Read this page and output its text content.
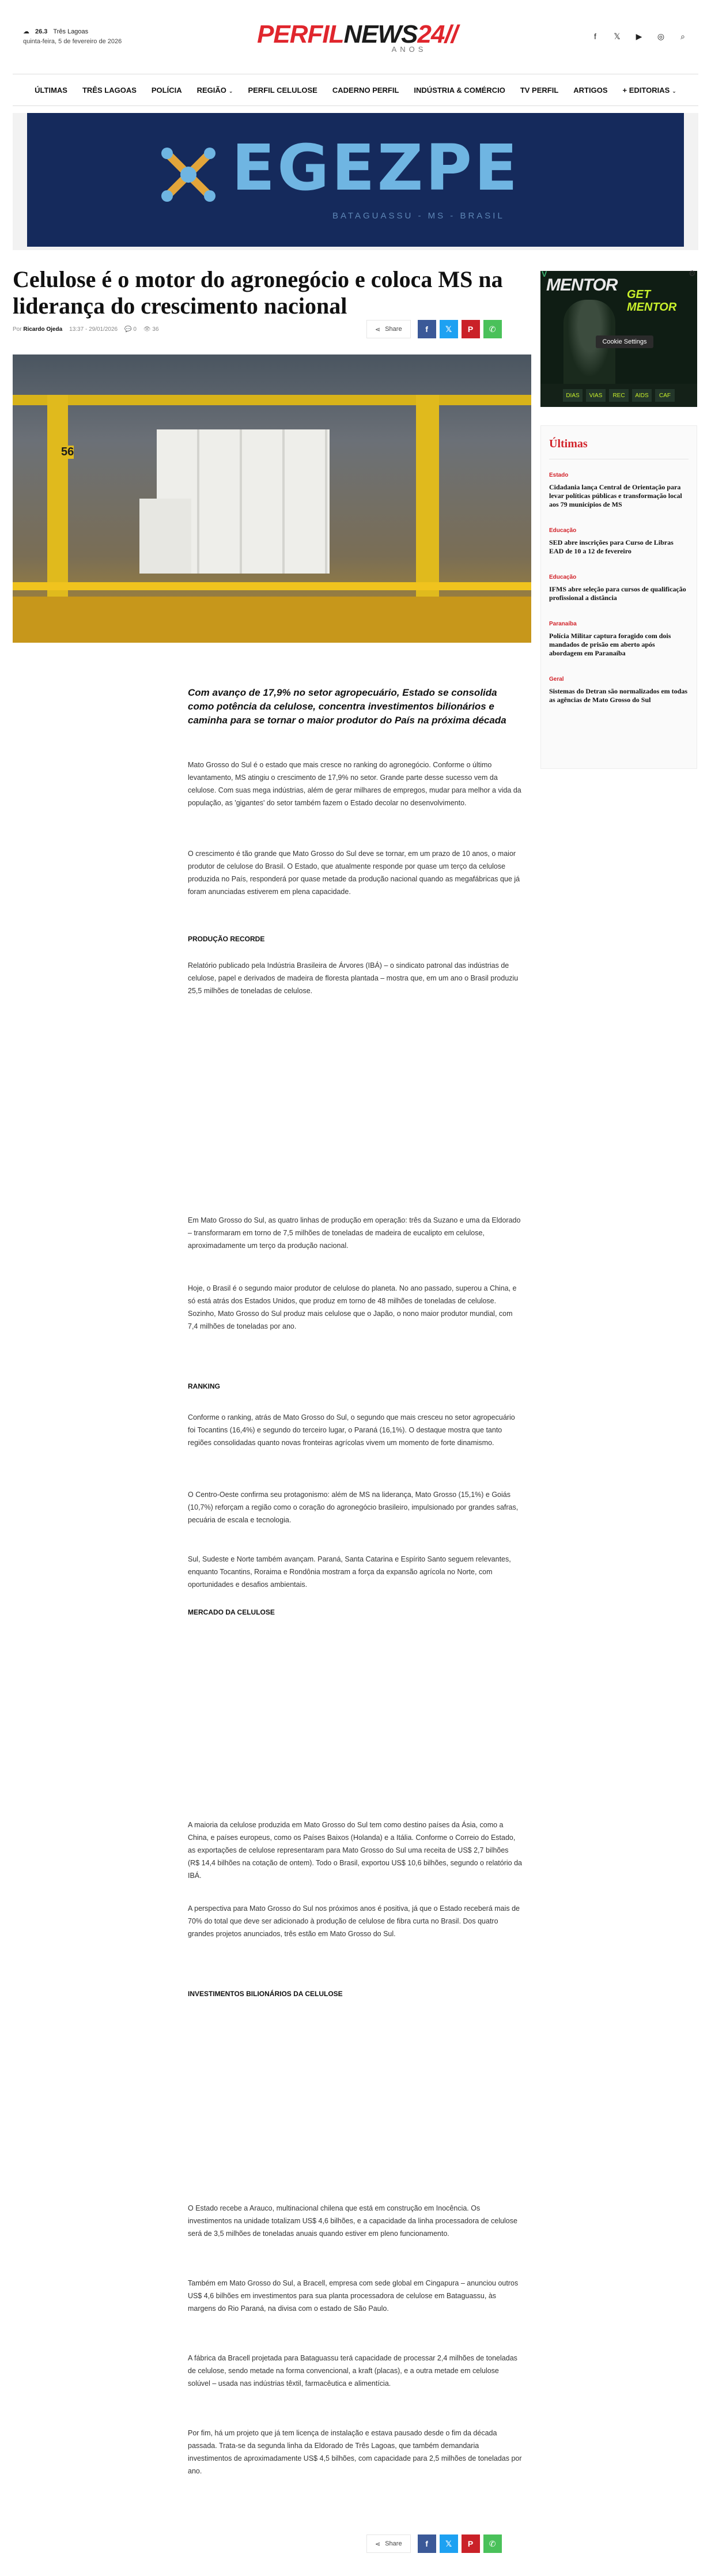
☁ 26.3 Três Lagoas
quinta-feira, 5 de fevereiro de 2026	PERFILNEWS24//
ANOS
f	𝕏 ▶ ◎	⌕
ÚLTIMAS TRÊS LAGOAS POLÍCIA REGIÃO ⌄ PERFIL CELULOSE CADERNO PERFIL INDÚSTRIA & COMÉRCIO TV PERFIL ARTIGOS + EDITORIAS ⌄
EGEZPE
BATAGUASSU - MS - BRASIL
Celulose é o motor do agronegócio e coloca MS na liderança do crescimento nacional
Por Ricardo Ojeda 13:37 - 29/01/2026 💬 0 👁 36	⋖ Share	f 𝕏 P ✆
56
MENTOR GET
MENTOR
Cookie Settings
DIAS	VIAS	REC	AIDS	CAF
V	⚙
Últimas
Estado
Cidadania lança Central de Orientação para levar políticas públicas e transformação local aos 79 municípios de MS
Educação
SED abre inscrições para Curso de Libras EAD de 10 a 12 de fevereiro
Educação
IFMS abre seleção para cursos de qualificação profissional a distância
Paranaíba
Polícia Militar captura foragido com dois mandados de prisão em aberto após abordagem em Paranaíba
Geral
Sistemas do Detran são normalizados em todas as agências de Mato Grosso do Sul
Com avanço de 17,9% no setor agropecuário, Estado se consolida como potência da celulose, concentra investimentos bilionários e caminha para se tornar o maior produtor do País na próxima década

Mato Grosso do Sul é o estado que mais cresce no ranking do agronegócio. Conforme o último levantamento, MS atingiu o crescimento de 17,9% no setor. Grande parte desse sucesso vem da celulose. Com suas mega indústrias, além de gerar milhares de empregos, mudar para melhor a vida da população, as 'gigantes' do setor também fazem o Estado decolar no desenvolvimento.

O crescimento é tão grande que Mato Grosso do Sul deve se tornar, em um prazo de 10 anos, o maior produtor de celulose do Brasil. O Estado, que atualmente responde por quase um terço da celulose produzida no País, responderá por quase metade da produção nacional quando as megafábricas que já foram anunciadas estiverem em plena capacidade.

PRODUÇÃO RECORDE

Relatório publicado pela Indústria Brasileira de Árvores (IBÁ) – o sindicato patronal das indústrias de celulose, papel e derivados de madeira de floresta plantada – mostra que, em um ano o Brasil produziu 25,5 milhões de toneladas de celulose.

Em Mato Grosso do Sul, as quatro linhas de produção em operação: três da Suzano e uma da Eldorado – transformaram em torno de 7,5 milhões de toneladas de madeira de eucalipto em celulose, aproximadamente um terço da produção nacional.

Hoje, o Brasil é o segundo maior produtor de celulose do planeta. No ano passado, superou a China, e só está atrás dos Estados Unidos, que produz em torno de 48 milhões de toneladas de celulose. Sozinho, Mato Grosso do Sul produz mais celulose que o Japão, o nono maior produtor mundial, com 7,4 milhões de toneladas por ano.

RANKING

Conforme o ranking, atrás de Mato Grosso do Sul, o segundo que mais cresceu no setor agropecuário foi Tocantins (16,4%) e segundo do terceiro lugar, o Paraná (16,1%). O destaque mostra que tanto regiões consolidadas quanto novas fronteiras agrícolas vivem um momento de forte dinamismo.

O Centro-Oeste confirma seu protagonismo: além de MS na liderança, Mato Grosso (15,1%) e Goiás (10,7%) reforçam a região como o coração do agronegócio brasileiro, impulsionado por grandes safras, pecuária de escala e tecnologia.

Sul, Sudeste e Norte também avançam. Paraná, Santa Catarina e Espírito Santo seguem relevantes, enquanto Tocantins, Roraima e Rondônia mostram a força da expansão agrícola no Norte, com oportunidades e desafios ambientais.

MERCADO DA CELULOSE

A maioria da celulose produzida em Mato Grosso do Sul tem como destino países da Ásia, como a China, e países europeus, como os Países Baixos (Holanda) e a Itália. Conforme o Correio do Estado, as exportações de celulose representaram para Mato Grosso do Sul uma receita de US$ 2,7 bilhões (R$ 14,4 bilhões na cotação de ontem). Todo o Brasil, exportou US$ 10,6 bilhões, segundo o relatório da IBÁ.

A perspectiva para Mato Grosso do Sul nos próximos anos é positiva, já que o Estado receberá mais de 70% do total que deve ser adicionado à produção de celulose de fibra curta no Brasil. Dos quatro grandes projetos anunciados, três estão em Mato Grosso do Sul.

INVESTIMENTOS BILIONÁRIOS DA CELULOSE

O Estado recebe a Arauco, multinacional chilena que está em construção em Inocência. Os investimentos na unidade totalizam US$ 4,6 bilhões, e a capacidade da linha processadora de celulose será de 3,5 milhões de toneladas anuais quando estiver em pleno funcionamento.

Também em Mato Grosso do Sul, a Bracell, empresa com sede global em Cingapura – anunciou outros US$ 4,6 bilhões em investimentos para sua planta processadora de celulose em Bataguassu, às margens do Rio Paraná, na divisa com o estado de São Paulo.

A fábrica da Bracell projetada para Bataguassu terá capacidade de processar 2,4 milhões de toneladas de celulose, sendo metade na forma convencional, a kraft (placas), e a outra metade em celulose solúvel – usada nas indústrias têxtil, farmacêutica e alimentícia.

Por fim, há um projeto que já tem licença de instalação e estava pausado desde o fim da década passada. Trata-se da segunda linha da Eldorado de Três Lagoas, que também demandaria investimentos de aproximadamente US$ 4,5 bilhões, com capacidade para 2,5 milhões de toneladas por ano.

⋖ Share	f 𝕏 P ✆
